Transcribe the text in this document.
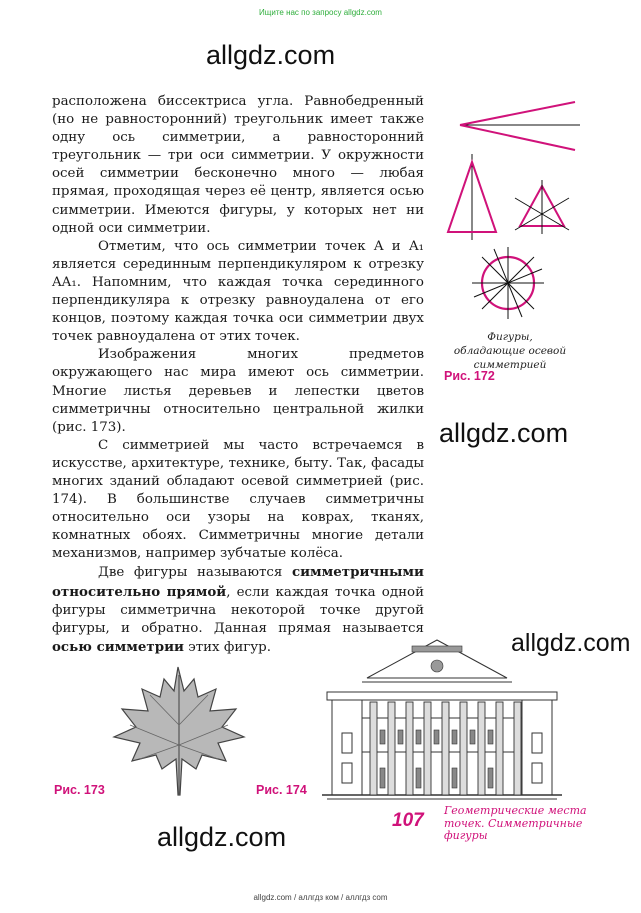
Ищите нас по запросу allgdz.com
allgdz.com

расположена биссектриса угла. Равнобедренный (но не равносторонний) треугольник имеет также одну ось симметрии, а равносторонний треугольник — три оси симметрии. У окружности осей симметрии бесконечно много — любая прямая, проходящая через её центр, является осью симметрии. Имеются фигуры, у которых нет ни одной оси симметрии.

Отметим, что ось симметрии точек A и A₁ является серединным перпендикуляром к отрезку AA₁. Напомним, что каждая точка серединного перпендикуляра к отрезку равноудалена от его концов, поэтому каждая точка оси симметрии двух точек равноудалена от этих точек.

Изображения многих предметов окружающего нас мира имеют ось симметрии. Многие листья деревьев и лепестки цветов симметричны относительно центральной жилки (рис. 173).

С симметрией мы часто встречаемся в искусстве, архитектуре, технике, быту. Так, фасады многих зданий обладают осевой симметрией (рис. 174). В большинстве случаев симметричны относительно оси узоры на коврах, тканях, комнатных обоях. Симметричны многие детали механизмов, например зубчатые колёса.

Две фигуры называются симметричными относительно прямой, если каждая точка одной фигуры симметрична некоторой точке другой фигуры, и обратно. Данная прямая называется осью симметрии этих фигур.

Фигуры, обладающие осевой симметрией
Рис. 172
allgdz.com
allgdz.com
Рис. 173	Рис. 174
107 Геометрические места точек. Симметричные фигуры
allgdz.com
allgdz.com / аллгдз ком / аллгдз com
